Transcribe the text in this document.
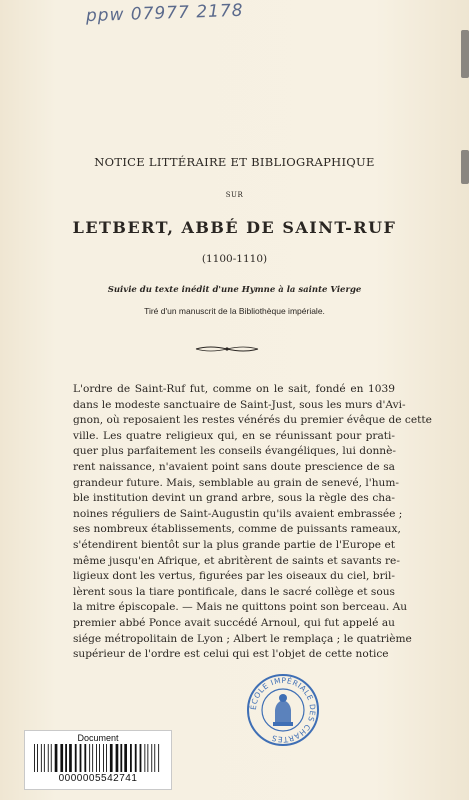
ppw 07977 2178
NOTICE LITTÉRAIRE ET BIBLIOGRAPHIQUE
SUR
LETBERT, ABBÉ DE SAINT-RUF
(1100-1110)
Suivie du texte inédit d'une Hymne à la sainte Vierge
Tiré d'un manuscrit de la Bibliothèque impériale.
L'ordre de Saint-Ruf fut, comme on le sait, fondé en 1039
dans le modeste sanctuaire de Saint-Just, sous les murs d'Avi-
gnon, où reposaient les restes vénérés du premier évêque de cette
ville. Les quatre religieux qui, en se réunissant pour prati-
quer plus parfaitement les conseils évangéliques, lui donnè-
rent naissance, n'avaient point sans doute prescience de sa
grandeur future. Mais, semblable au grain de senevé, l'hum-
ble institution devint un grand arbre, sous la règle des cha-
noines réguliers de Saint-Augustin qu'ils avaient embrassée ;
ses nombreux établissements, comme de puissants rameaux,
s'étendirent bientôt sur la plus grande partie de l'Europe et
même jusqu'en Afrique, et abritèrent de saints et savants re-
ligieux dont les vertus, figurées par les oiseaux du ciel, bril-
lèrent sous la tiare pontificale, dans le sacré collège et sous
la mitre épiscopale. — Mais ne quittons point son berceau. Au
premier abbé Ponce avait succédé Arnoul, qui fut appelé au
siége métropolitain de Lyon ; Albert le remplaça ; le quatrième
supérieur de l'ordre est celui qui est l'objet de cette notice
ÉCOLE IMPÉRIALE DES CHARTES
Document
0000005542741
